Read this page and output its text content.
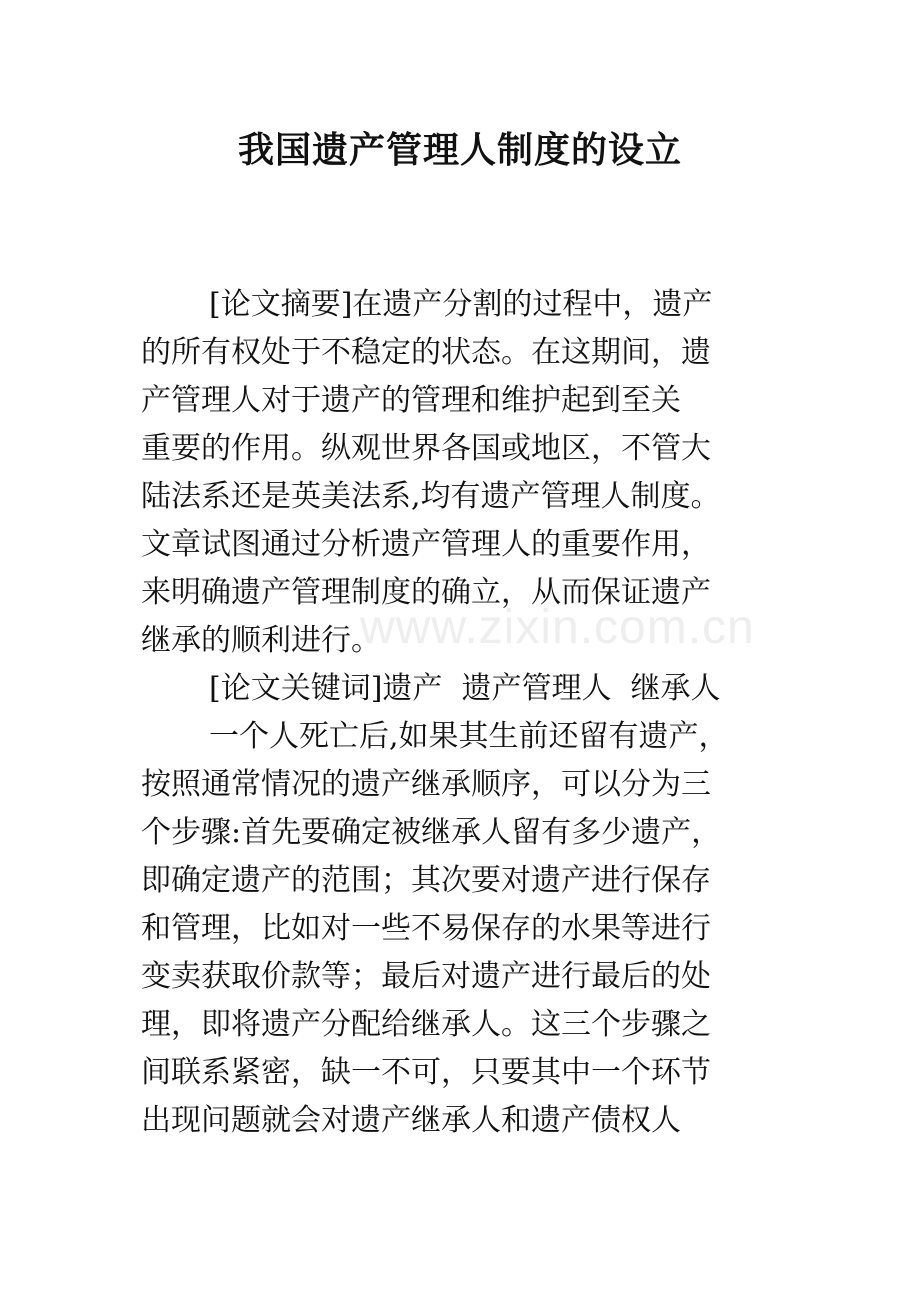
我国遗产管理人制度的设立
[论文摘要]在遗产分割的过程中，遗产
的所有权处于不稳定的状态。在这期间，遗
产管理人对于遗产的管理和维护起到至关
重要的作用。纵观世界各国或地区，不管大
陆法系还是英美法系,均有遗产管理人制度。
文章试图通过分析遗产管理人的重要作用，
来明确遗产管理制度的确立，从而保证遗产
继承的顺利进行。
[论文关键词]遗产  遗产管理人  继承人
一个人死亡后,如果其生前还留有遗产，
按照通常情况的遗产继承顺序，可以分为三
个步骤:首先要确定被继承人留有多少遗产，
即确定遗产的范围；其次要对遗产进行保存
和管理，比如对一些不易保存的水果等进行
变卖获取价款等；最后对遗产进行最后的处
理，即将遗产分配给继承人。这三个步骤之
间联系紧密，缺一不可，只要其中一个环节
出现问题就会对遗产继承人和遗产债权人
www.zixin.com.cn
